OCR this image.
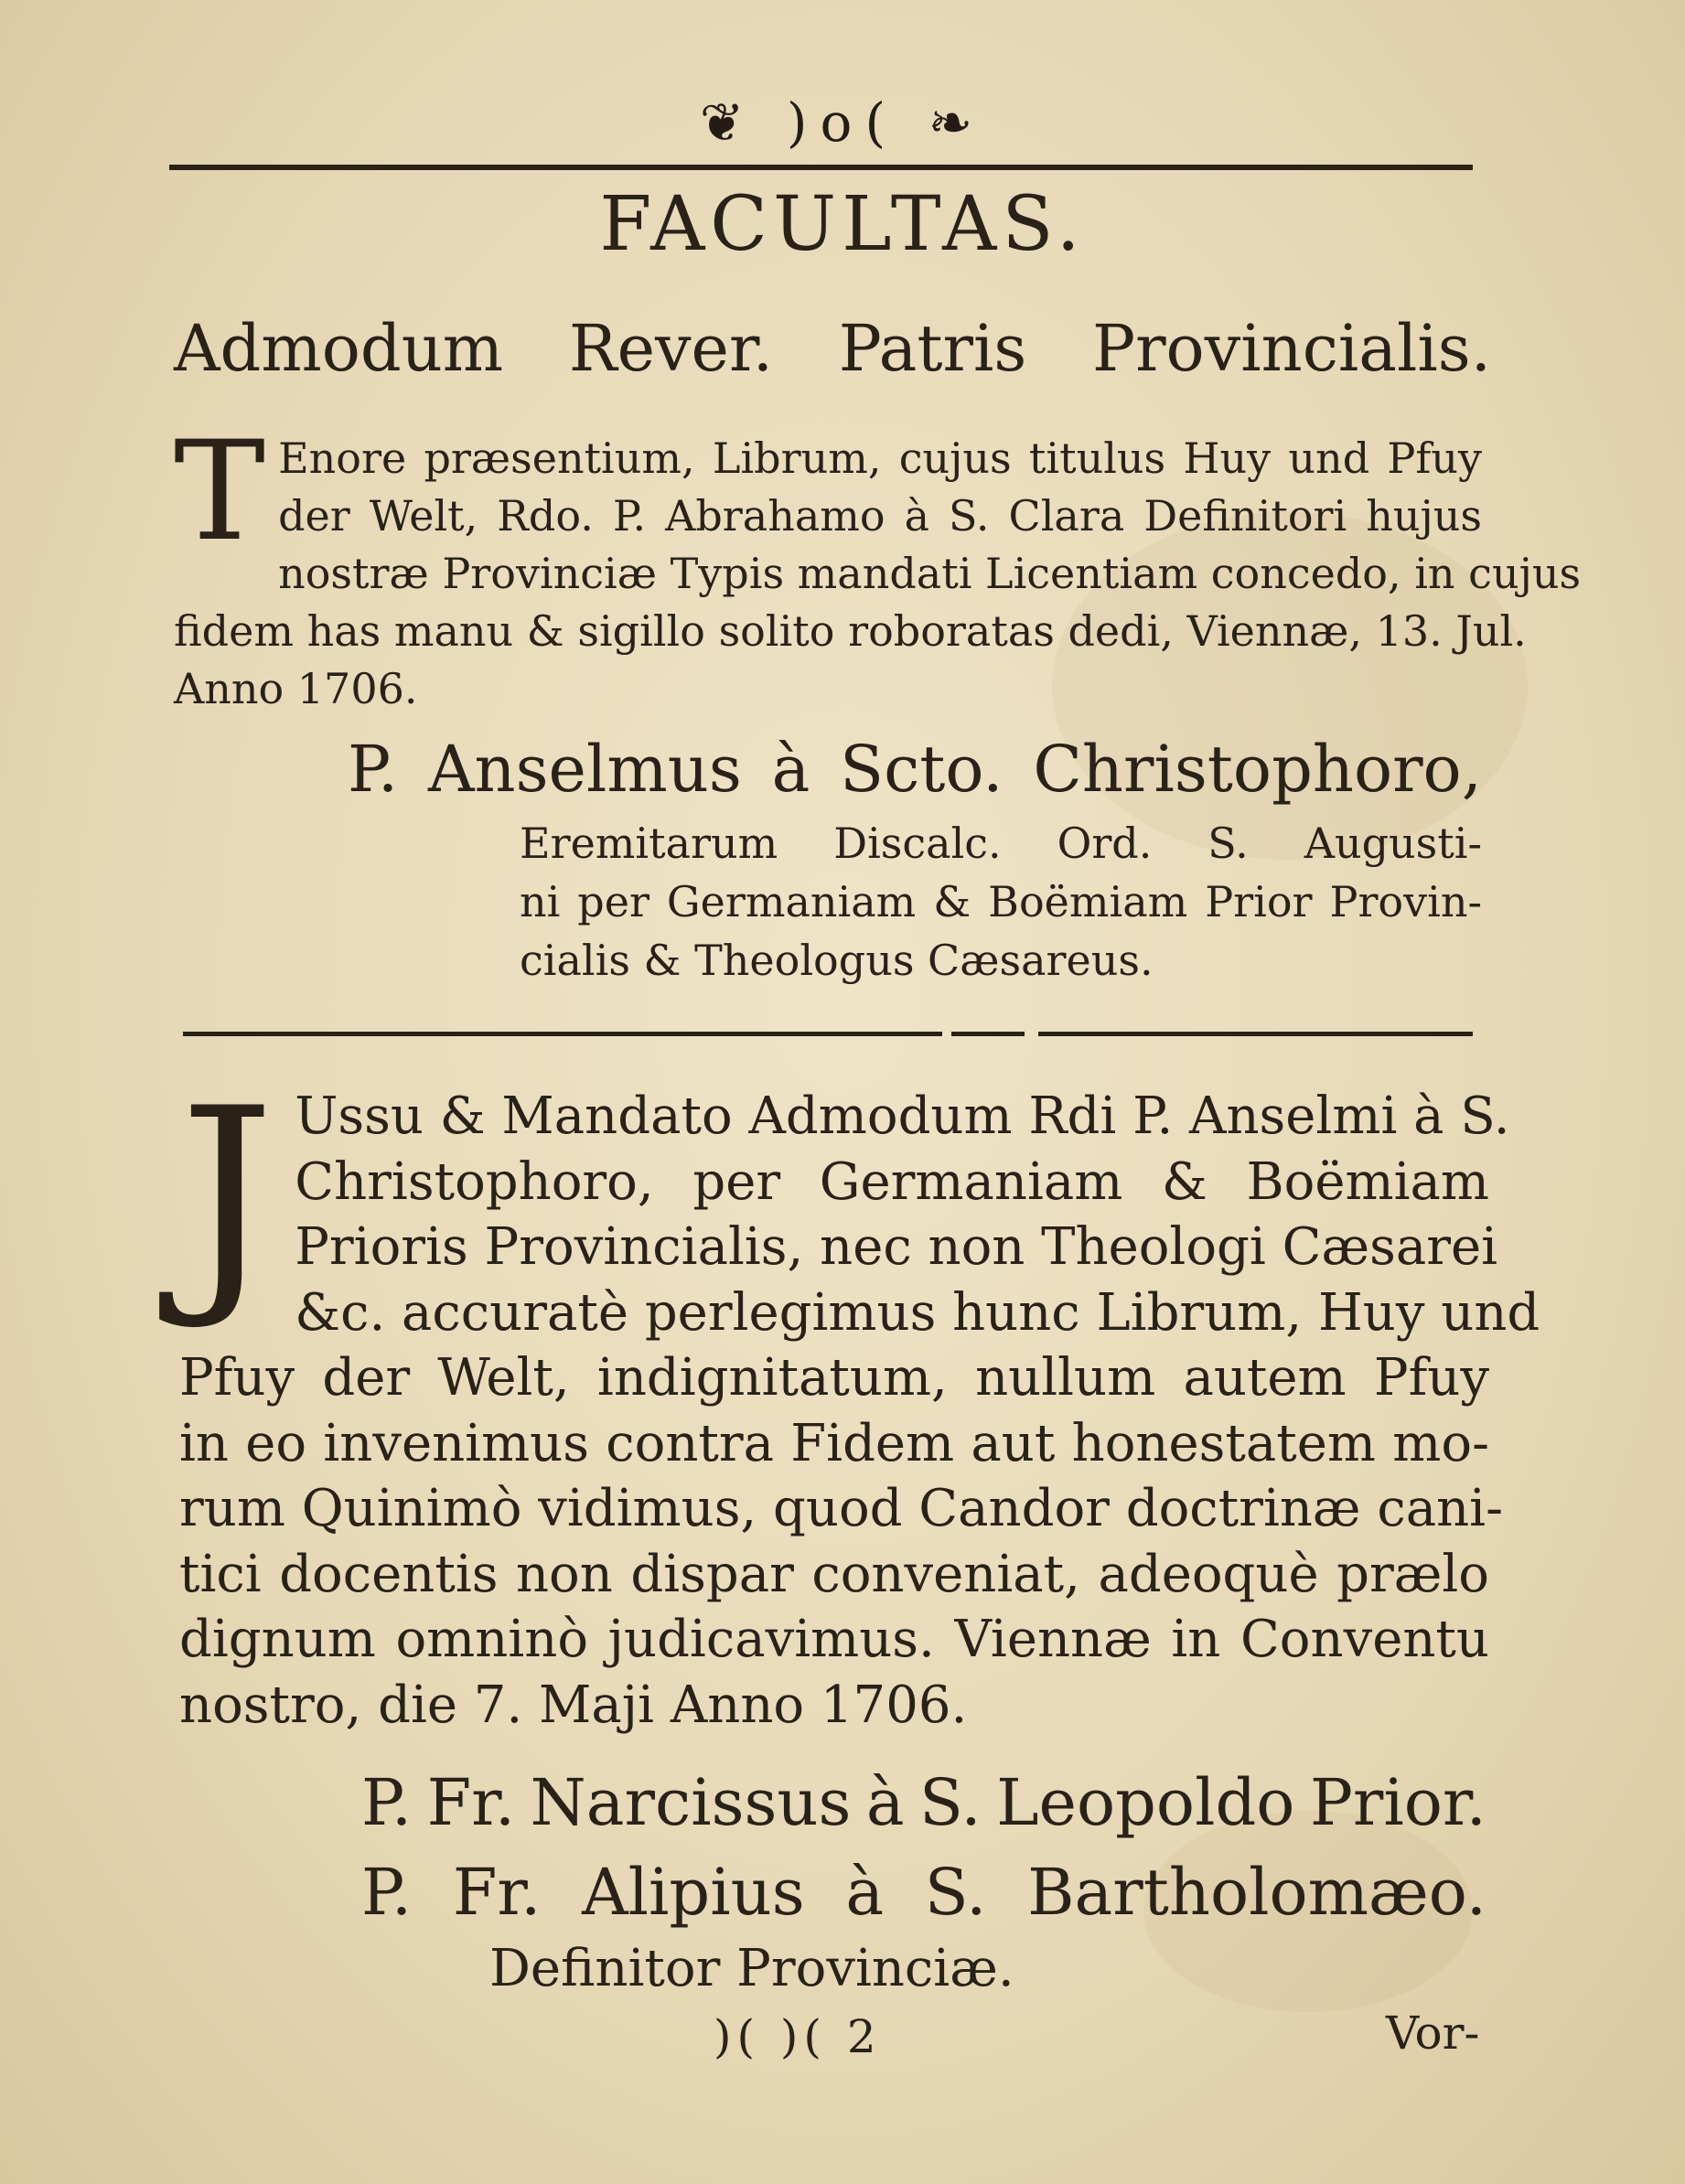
❦ )o( ❧
FACULTAS.
Admodum Rever. Patris Provincialis.
T Enore præsentium, Librum, cujus titulus Huy und Pfuy
der Welt, Rdo. P. Abrahamo à S. Clara Definitori hujus
nostræ Provinciæ Typis mandati Licentiam concedo, in cujus
fidem has manu & sigillo solito roboratas dedi, Viennæ, 13. Jul.
Anno 1706.
P. Anselmus à Scto. Christophoro,
Eremitarum Discalc. Ord. S. Augusti-
ni per Germaniam & Boëmiam Prior Provin-
cialis & Theologus Cæsareus.
J Ussu & Mandato Admodum Rdi P. Anselmi à S.
Christophoro, per Germaniam & Boëmiam
Prioris Provincialis, nec non Theologi Cæsarei
&c. accuratè perlegimus hunc Librum, Huy und
Pfuy der Welt, indignitatum, nullum autem Pfuy
in eo invenimus contra Fidem aut honestatem mo-
rum Quinimò vidimus, quod Candor doctrinæ cani-
tici docentis non dispar conveniat, adeoquè prælo
dignum omninò judicavimus. Viennæ in Conventu
nostro, die 7. Maji Anno 1706.
P. Fr. Narcissus à S. Leopoldo Prior.
P. Fr. Alipius à S. Bartholomæo.
Definitor Provinciæ.
)( )( 2	Vor-
